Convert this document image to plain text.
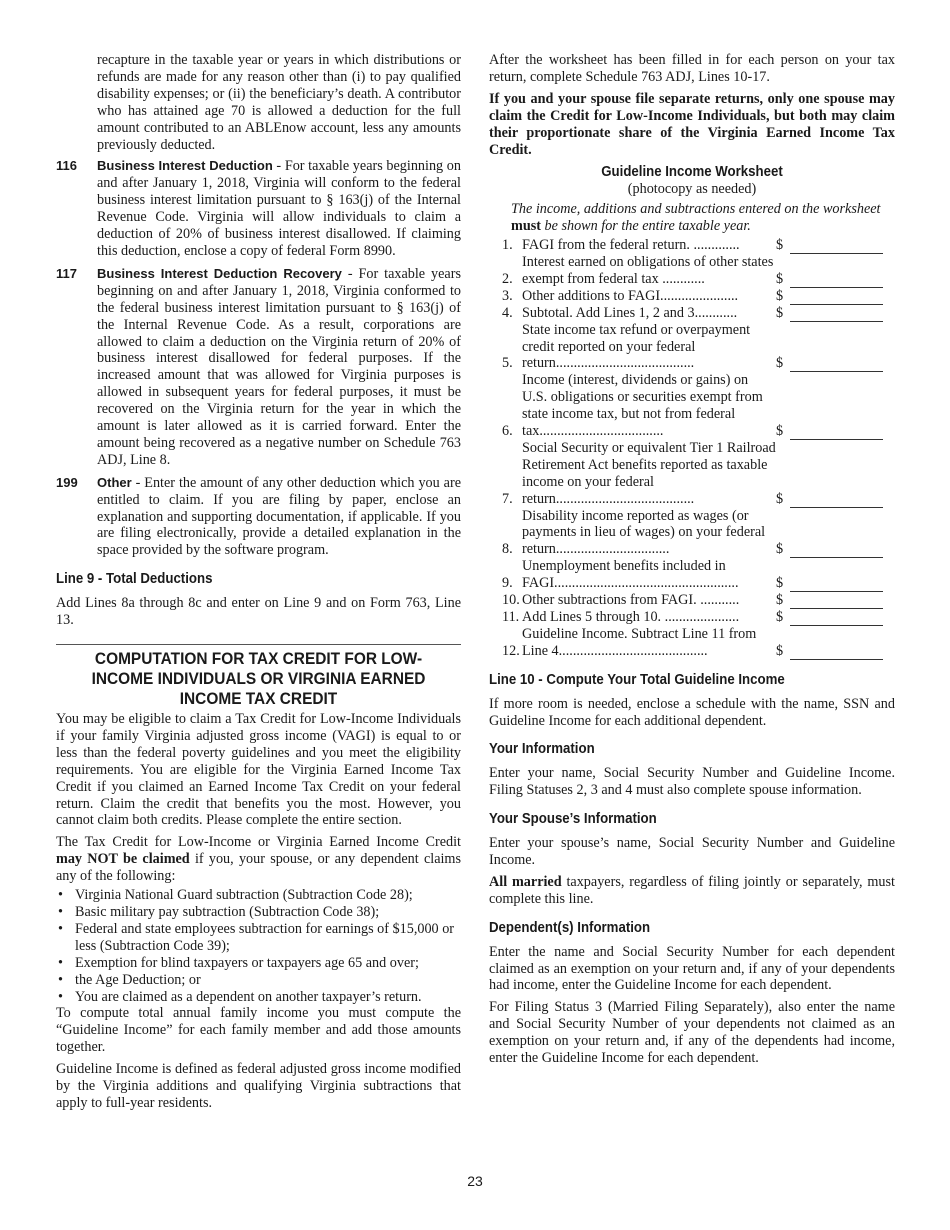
recapture in the taxable year or years in which distributions or refunds are made for any reason other than (i) to pay qualified disability expenses; or (ii) the beneficiary’s death. A contributor who has attained age 70 is allowed a deduction for the full amount contributed to an ABLEnow account, less any amounts previously deducted.

116	Business Interest Deduction - For taxable years beginning on and after January 1, 2018, Virginia will conform to the federal business interest limitation pursuant to § 163(j) of the Internal Revenue Code. Virginia will allow individuals to claim a deduction of 20% of business interest disallowed. If claiming this deduction, enclose a copy of federal Form 8990.
117	Business Interest Deduction Recovery - For taxable years beginning on and after January 1, 2018, Virginia conformed to the federal business interest limitation pursuant to § 163(j) of the Internal Revenue Code. As a result, corporations are allowed to claim a deduction on the Virginia return of 20% of business interest disallowed for federal purposes. If the increased amount that was allowed for Virginia purposes is allowed in subsequent years for federal purposes, it must be recovered on the Virginia return for the year in which the amount is later allowed as it is carried forward. Enter the amount being recovered as a negative number on Schedule 763 ADJ, Line 8.
199	Other - Enter the amount of any other deduction which you are entitled to claim. If you are filing by paper, enclose an explanation and supporting documentation, if applicable. If you are filing electronically, provide a detailed explanation in the space provided by the software program.
Line 9 - Total Deductions

Add Lines 8a through 8c and enter on Line 9 and on Form 763, Line 13.

COMPUTATION FOR TAX CREDIT FOR LOW-INCOME INDIVIDUALS OR VIRGINIA EARNED INCOME TAX CREDIT

You may be eligible to claim a Tax Credit for Low-Income Individuals if your family Virginia adjusted gross income (VAGI) is equal to or less than the federal poverty guidelines and you meet the eligibility requirements. You are eligible for the Virginia Earned Income Tax Credit if you claimed an Earned Income Tax Credit on your federal return. Claim the credit that benefits you the most. However, you cannot claim both credits. Please complete the entire section.

The Tax Credit for Low-Income or Virginia Earned Income Credit may NOT be claimed if you, your spouse, or any dependent claims any of the following:

• Virginia National Guard subtraction (Subtraction Code 28);
• Basic military pay subtraction (Subtraction Code 38);
• Federal and state employees subtraction for earnings of $15,000 or less (Subtraction Code 39);
• Exemption for blind taxpayers or taxpayers age 65 and over;
• the Age Deduction; or
• You are claimed as a dependent on another taxpayer’s return.

To compute total annual family income you must compute the “Guideline Income” for each family member and add those amounts together.

Guideline Income is defined as federal adjusted gross income modified by the Virginia additions and qualifying Virginia subtractions that apply to full-year residents.

After the worksheet has been filled in for each person on your tax return, complete Schedule 763 ADJ, Lines 10-17.

If you and your spouse file separate returns, only one spouse may claim the Credit for Low-Income Individuals, but both may claim their proportionate share of the Virginia Earned Income Tax Credit.

Guideline Income Worksheet
(photocopy as needed)
The income, additions and subtractions entered on the worksheet must be shown for the entire taxable year.
1. FAGI from the federal return. .............	$
2.
Interest earned on obligations of other states exempt from federal tax ............	$
3. Other additions to FAGI......................	$
4. Subtotal. Add Lines 1, 2 and 3............	$
5.
State income tax refund or overpayment credit reported on your federal return.......................................	$
6.
Income (interest, dividends or gains) on U.S. obligations or securities exempt from state income tax, but not from federal tax...................................	$
7.
Social Security or equivalent Tier 1 Railroad Retirement Act benefits reported as taxable income on your federal return.......................................	$
8.
Disability income reported as wages (or payments in lieu of wages) on your federal return................................	$
9.
Unemployment benefits included in FAGI....................................................	$
10. Other subtractions from FAGI. ...........	$
11. Add Lines 5 through 10. .....................	$
12.
Guideline Income. Subtract Line 11 from Line 4..........................................	$
Line 10 - Compute Your Total Guideline Income

If more room is needed, enclose a schedule with the name, SSN and Guideline Income for each additional dependent.

Your Information

Enter your name, Social Security Number and Guideline Income. Filing Statuses 2, 3 and 4 must also complete spouse information.

Your Spouse’s Information

Enter your spouse’s name, Social Security Number and Guideline Income.

All married taxpayers, regardless of filing jointly or separately, must complete this line.

Dependent(s) Information

Enter the name and Social Security Number for each dependent claimed as an exemption on your return and, if any of your dependents had income, enter the Guideline Income for each dependent.

For Filing Status 3 (Married Filing Separately), also enter the name and Social Security Number of your dependents not claimed as an exemption on your return and, if any of the dependents had income, enter the Guideline Income for each dependent.

23
